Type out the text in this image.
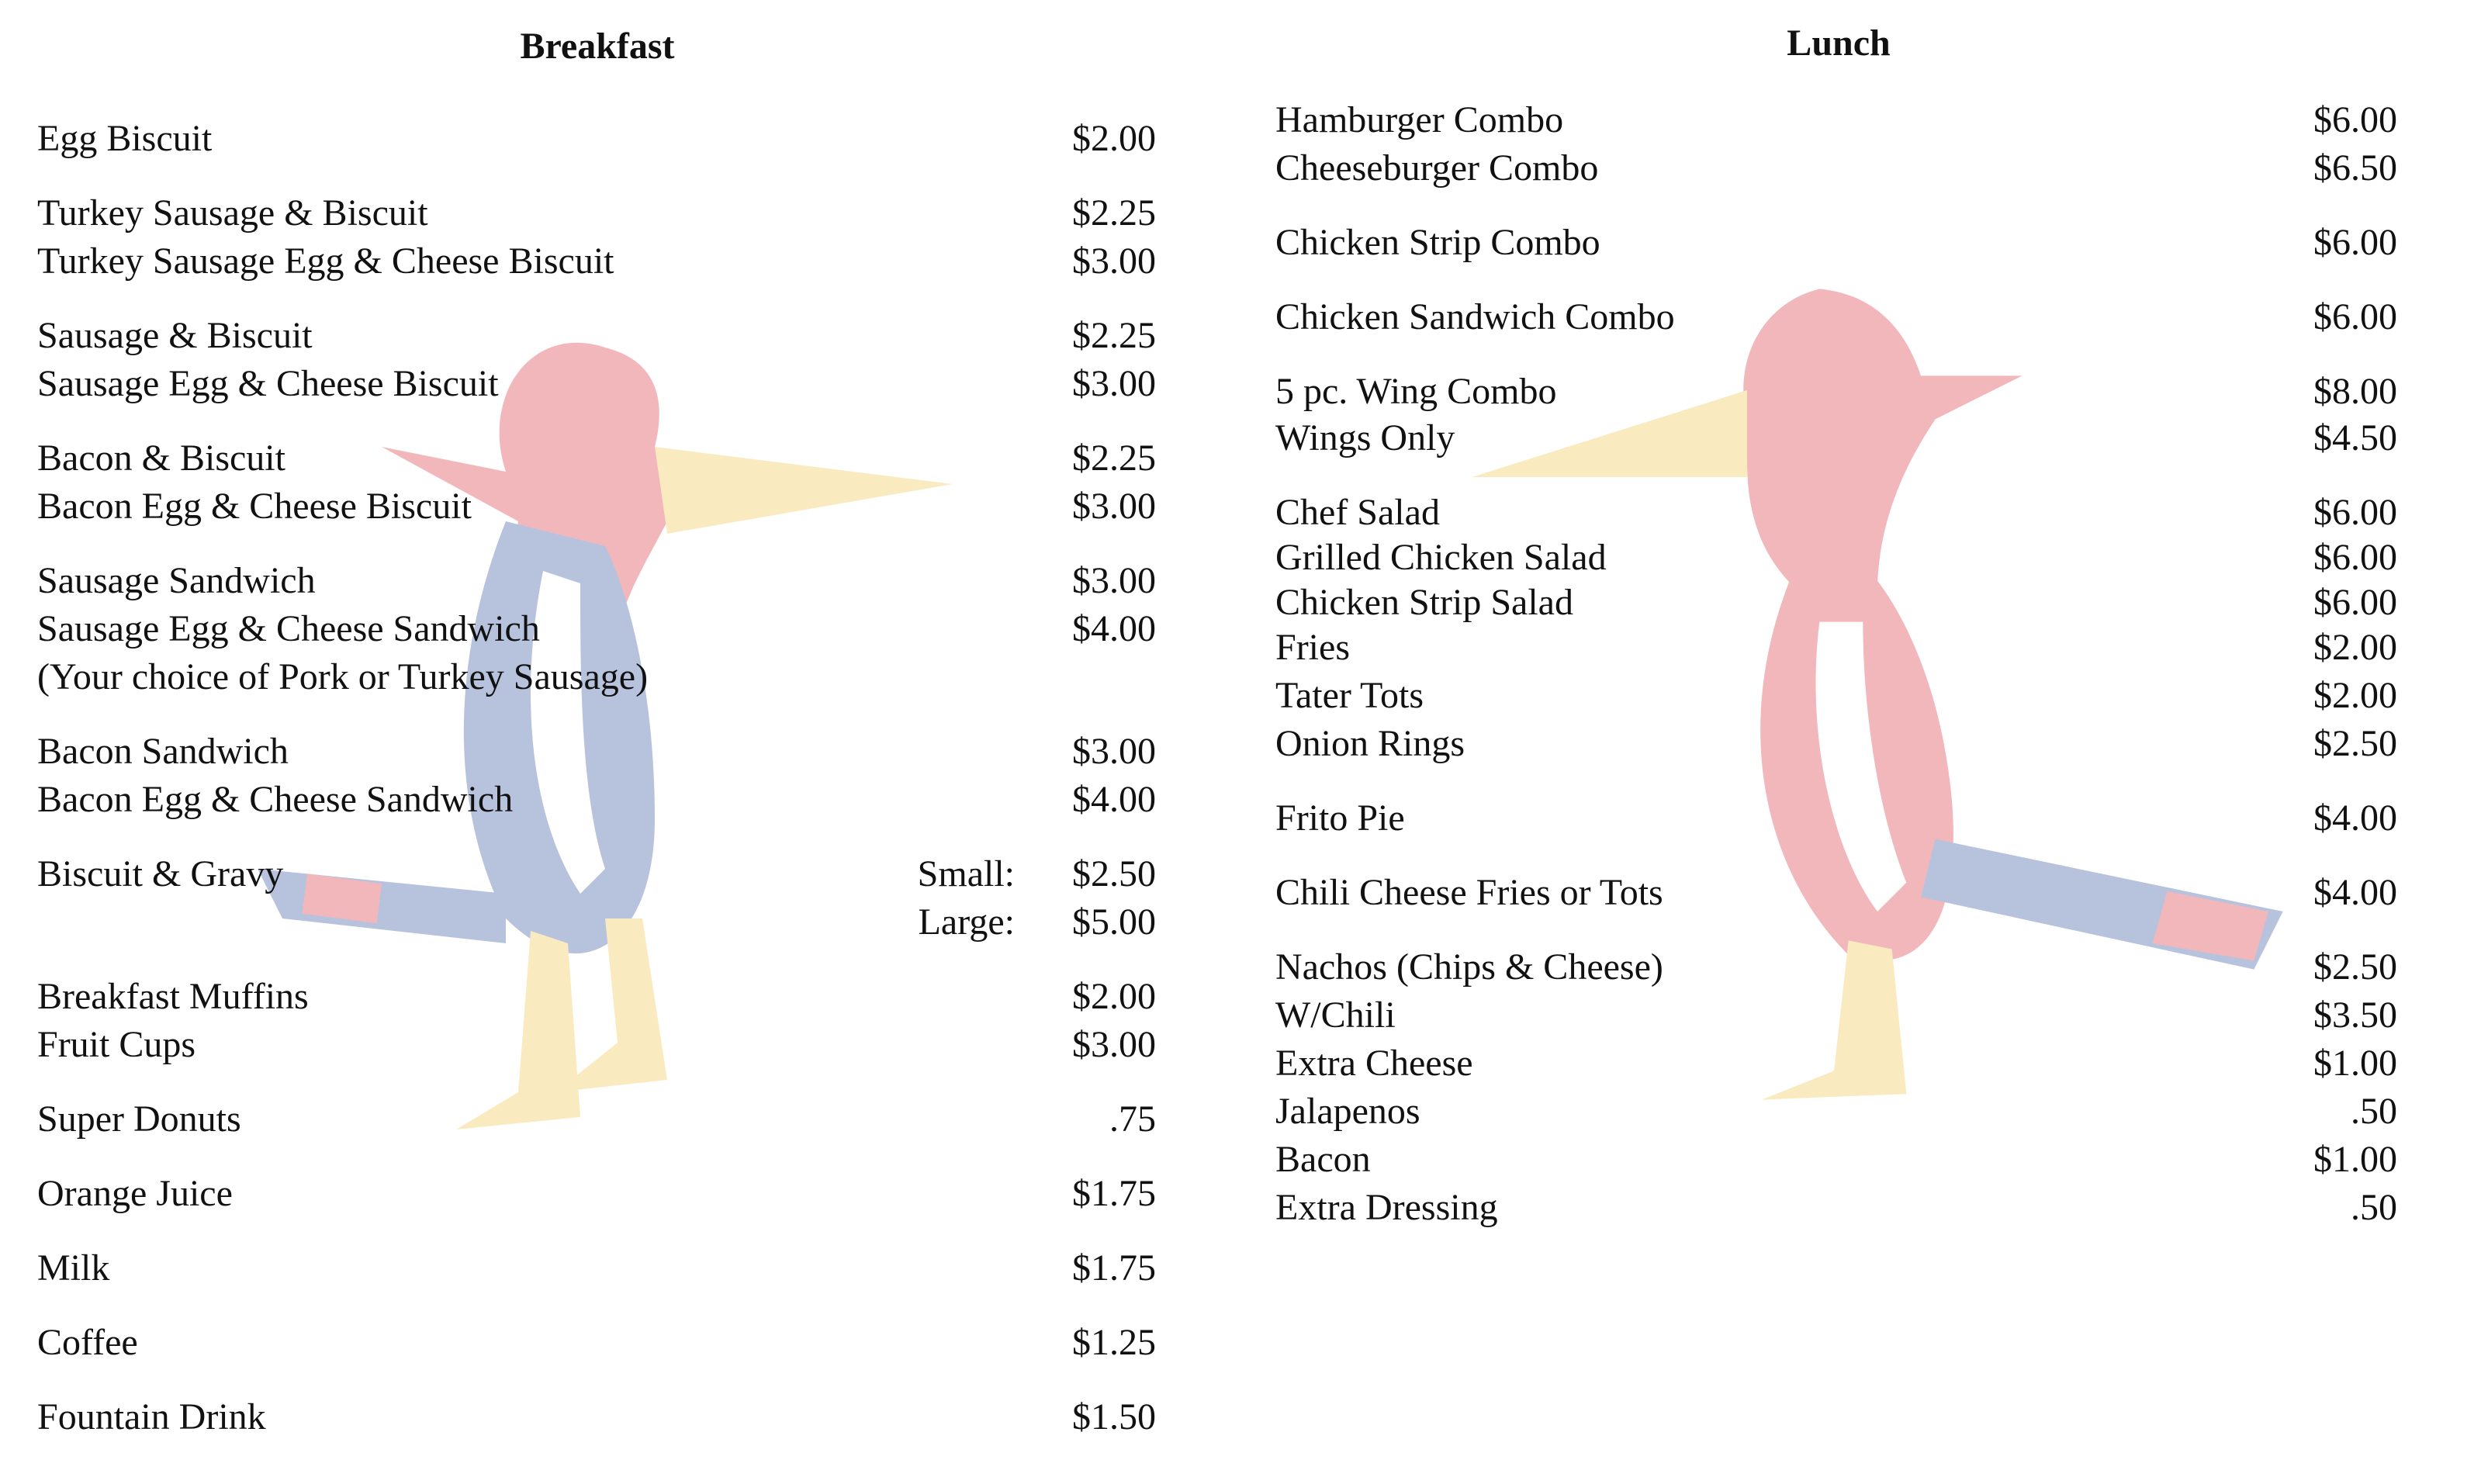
Breakfast	Lunch
Egg Biscuit	$2.00
Turkey Sausage & Biscuit	$2.25
Turkey Sausage Egg & Cheese Biscuit	$3.00
Sausage & Biscuit	$2.25
Sausage Egg & Cheese Biscuit	$3.00
Bacon & Biscuit	$2.25
Bacon Egg & Cheese Biscuit	$3.00
Sausage Sandwich	$3.00
Sausage Egg & Cheese Sandwich	$4.00
(Your choice of Pork or Turkey Sausage)
Bacon Sandwich	$3.00
Bacon Egg & Cheese Sandwich	$4.00
Biscuit & Gravy	Small: $2.50
Large: $5.00
Breakfast Muffins	$2.00
Fruit Cups	$3.00
Super Donuts	.75
Orange Juice	$1.75
Milk	$1.75
Coffee	$1.25
Fountain Drink	$1.50
Hamburger Combo	$6.00
Cheeseburger Combo	$6.50
Chicken Strip Combo	$6.00
Chicken Sandwich Combo	$6.00
5 pc. Wing Combo	$8.00
Wings Only	$4.50
Chef Salad	$6.00
Grilled Chicken Salad	$6.00
Chicken Strip Salad	$6.00
Fries	$2.00
Tater Tots	$2.00
Onion Rings	$2.50
Frito Pie	$4.00
Chili Cheese Fries or Tots	$4.00
Nachos (Chips & Cheese)	$2.50
W/Chili	$3.50
Extra Cheese	$1.00
Jalapenos	.50
Bacon	$1.00
Extra Dressing	.50
